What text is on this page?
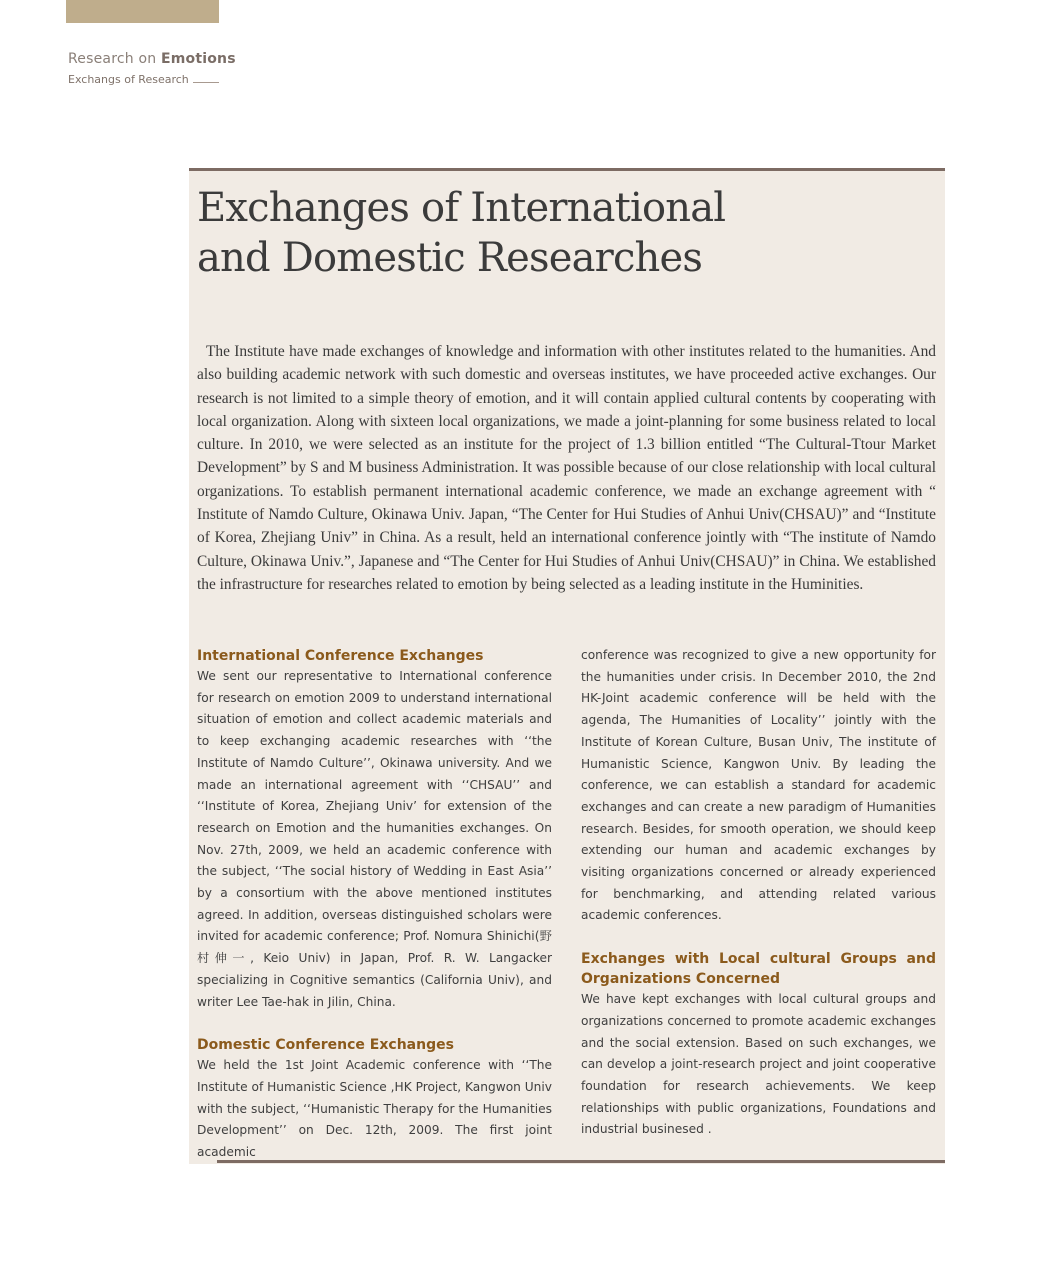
Research on Emotions
Exchangs of Research
Exchanges of International
and Domestic Researches

The Institute have made exchanges of knowledge and information with other institutes related to the humanities. And also building academic network with such domestic and overseas institutes, we have proceeded active exchanges. Our research is not limited to a simple theory of emotion, and it will contain applied cultural contents by cooperating with local organization. Along with sixteen local organizations, we made a joint-planning for some business related to local culture. In 2010, we were selected as an institute for the project of 1.3 billion entitled “The Cultural-Ttour Market Development” by S and M business Administration. It was possible because of our close relationship with local cultural organizations. To establish permanent international academic conference, we made an exchange agreement with “ Institute of Namdo Culture, Okinawa Univ. Japan, “The Center for Hui Studies of Anhui Univ(CHSAU)” and “Institute of Korea, Zhejiang Univ” in China. As a result, held an international conference jointly with “The institute of Namdo Culture, Okinawa Univ.”, Japanese and “The Center for Hui Studies of Anhui Univ(CHSAU)” in China. We established the infrastructure for researches related to emotion by being selected as a leading institute in the Huminities.

International Conference Exchanges

We sent our representative to International conference for research on emotion 2009 to understand international situation of emotion and collect academic materials and to keep exchanging academic researches with ‘‘the Institute of Namdo Culture’’, Okinawa university. And we made an international agreement with ‘‘CHSAU’’ and ‘‘Institute of Korea, Zhejiang Univ’ for extension of the research on Emotion and the humanities exchanges. On Nov. 27th, 2009, we held an academic conference with the subject, ‘‘The social history of Wedding in East Asia’’ by a consortium with the above mentioned institutes agreed. In addition, overseas distinguished scholars were invited for academic conference; Prof. Nomura Shinichi(野村伸一, Keio Univ) in Japan, Prof. R. W. Langacker specializing in Cognitive semantics (California Univ), and writer Lee Tae-hak in Jilin, China.

Domestic Conference Exchanges

We held the 1st Joint Academic conference with ‘‘The Institute of Humanistic Science ,HK Project, Kangwon Univ with the subject, ‘‘Humanistic Therapy for the Humanities Development’’ on Dec. 12th, 2009. The first joint academic

conference was recognized to give a new opportunity for the humanities under crisis. In December 2010, the 2nd HK-Joint academic conference will be held with the agenda, The Humanities of Locality’’ jointly with the Institute of Korean Culture, Busan Univ, The institute of Humanistic Science, Kangwon Univ. By leading the conference, we can establish a standard for academic exchanges and can create a new paradigm of Humanities research. Besides, for smooth operation, we should keep extending our human and academic exchanges by visiting organizations concerned or already experienced for benchmarking, and attending related various academic conferences.

Exchanges with Local cultural Groups and Organizations Concerned

We have kept exchanges with local cultural groups and organizations concerned to promote academic exchanges and the social extension. Based on such exchanges, we can develop a joint-research project and joint cooperative foundation for research achievements. We keep relationships with public organizations, Foundations and industrial businesed .
